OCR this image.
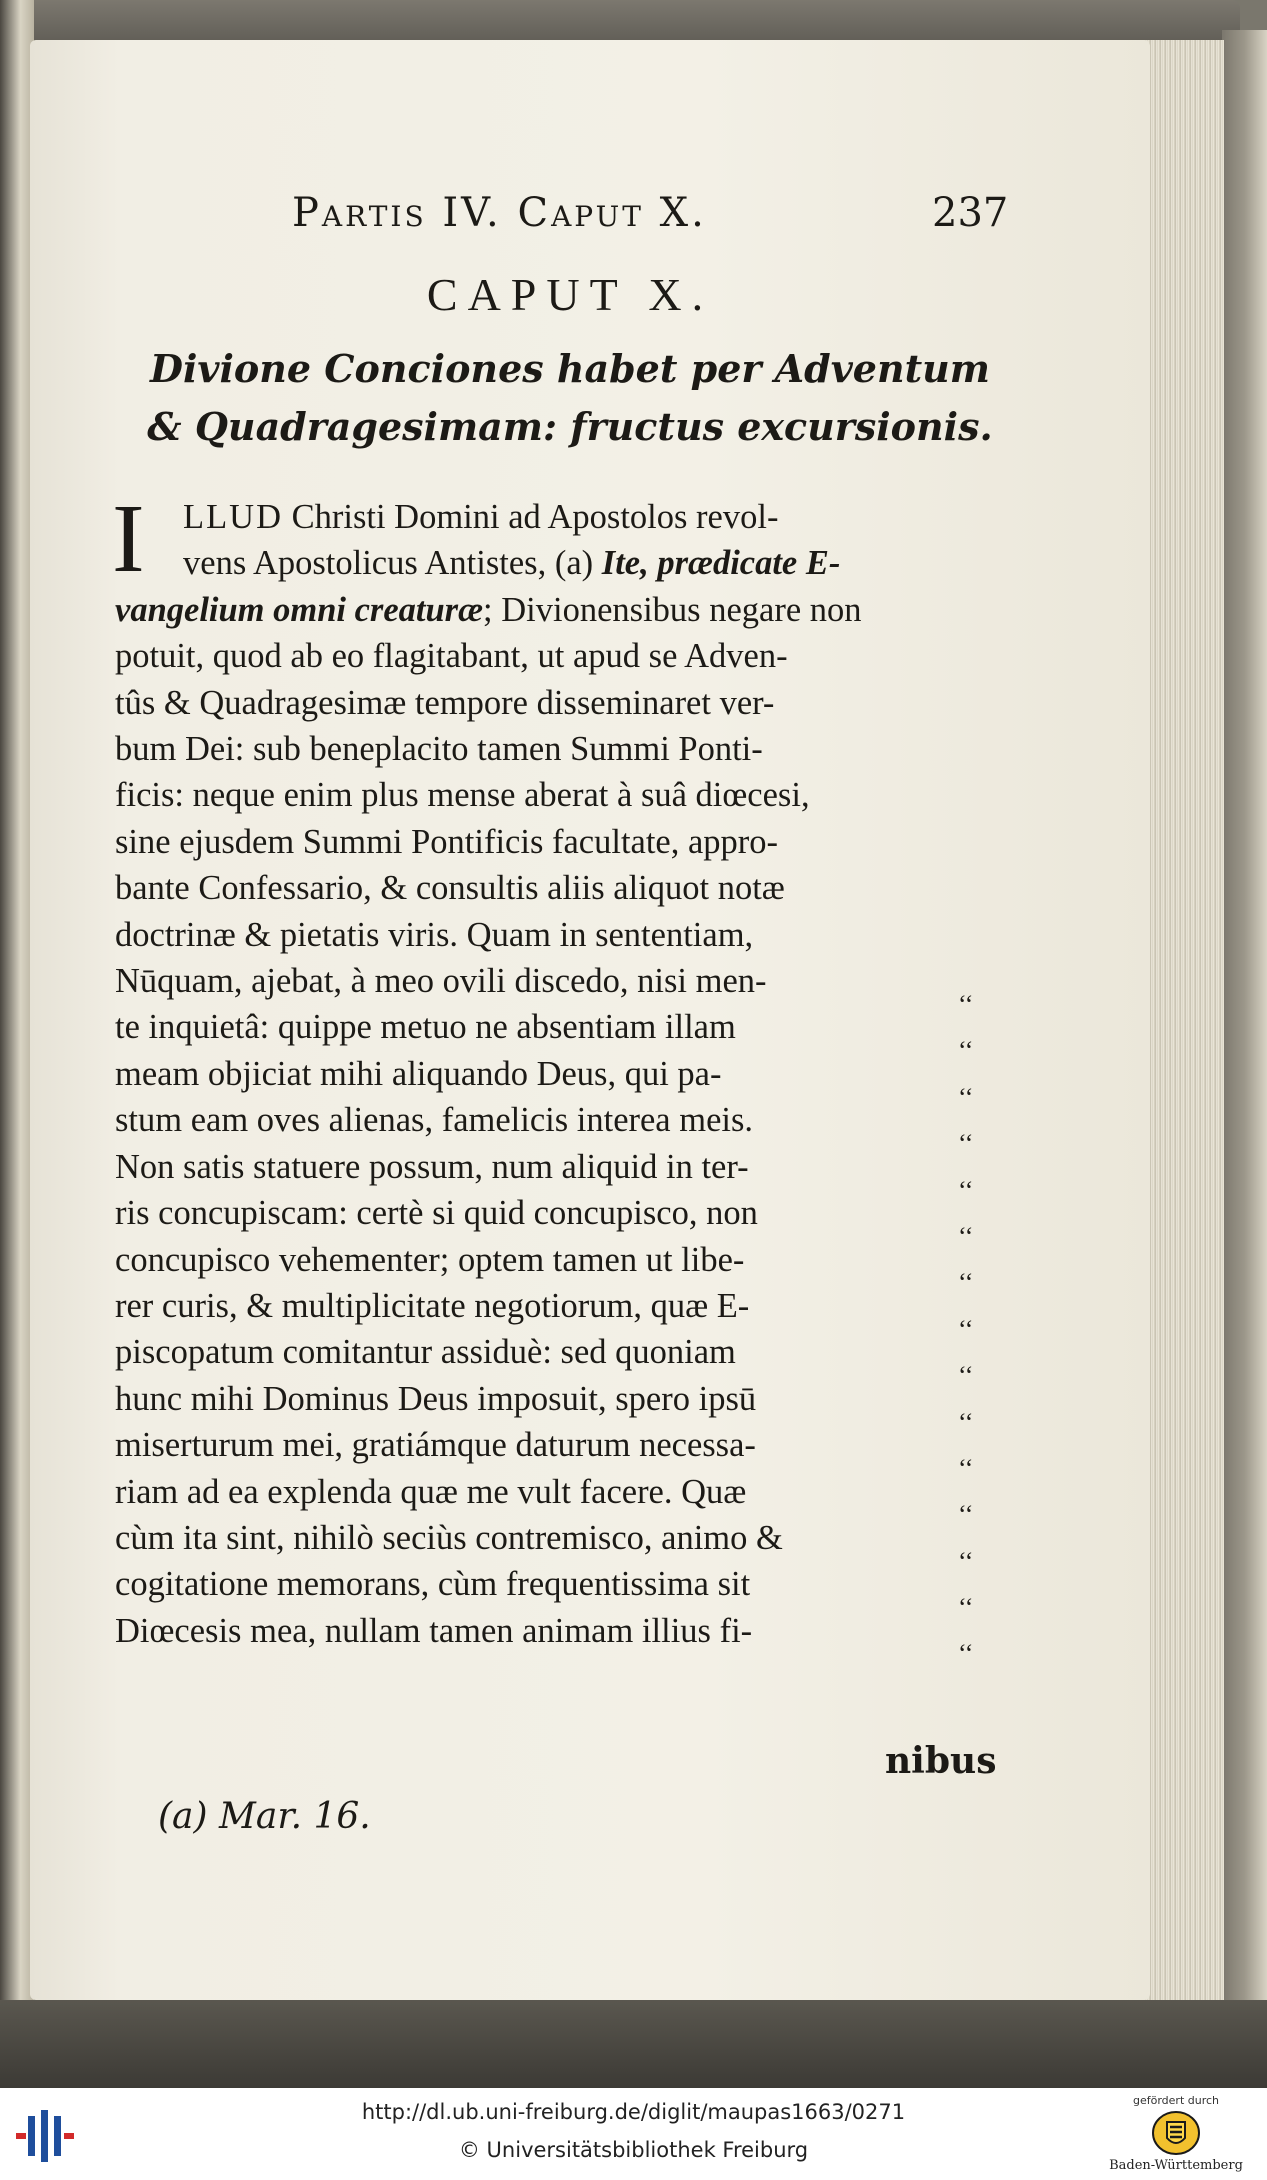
Partis IV. Caput X.	237

CAPUT X.

Divione Conciones habet per Adventum & Quadragesimam: fructus excursionis.

I	LLUD Christi Domini ad Apostolos revol-
vens Apostolicus Antistes, (a) Ite, prædicate E-
vangelium omni creaturæ; Divionensibus negare non
potuit, quod ab eo flagitabant, ut apud se Adven-
tûs & Quadragesimæ tempore disseminaret ver-
bum Dei: sub beneplacito tamen Summi Ponti-
ficis: neque enim plus mense aberat à suâ diœcesi,
sine ejusdem Summi Pontificis facultate, appro-
bante Confessario, & consultis aliis aliquot notæ
doctrinæ & pietatis viris. Quam in sententiam,
Nūquam, ajebat, à meo ovili discedo, nisi men-
te inquietâ: quippe metuo ne absentiam illam
meam objiciat mihi aliquando Deus, qui pa-
stum eam oves alienas, famelicis interea meis.
Non satis statuere possum, num aliquid in ter-
ris concupiscam: certè si quid concupisco, non
concupisco vehementer; optem tamen ut libe-
rer curis, & multiplicitate negotiorum, quæ E-
piscopatum comitantur assiduè: sed quoniam
hunc mihi Dominus Deus imposuit, spero ipsū
miserturum mei, gratiámque daturum necessa-
riam ad ea explenda quæ me vult facere. Quæ
cùm ita sint, nihilò seciùs contremisco, animo &
cogitatione memorans, cùm frequentissima sit
Diœcesis mea, nullam tamen animam illius fi-
‘‘
‘‘
‘‘
‘‘
‘‘
‘‘
‘‘
‘‘
‘‘
‘‘
‘‘
‘‘
‘‘
‘‘
‘‘

nibus

(a) Mar. 16.

http://dl.ub.uni-freiburg.de/diglit/maupas1663/0271
© Universitätsbibliothek Freiburg
gefördert durch
Baden-Württemberg
